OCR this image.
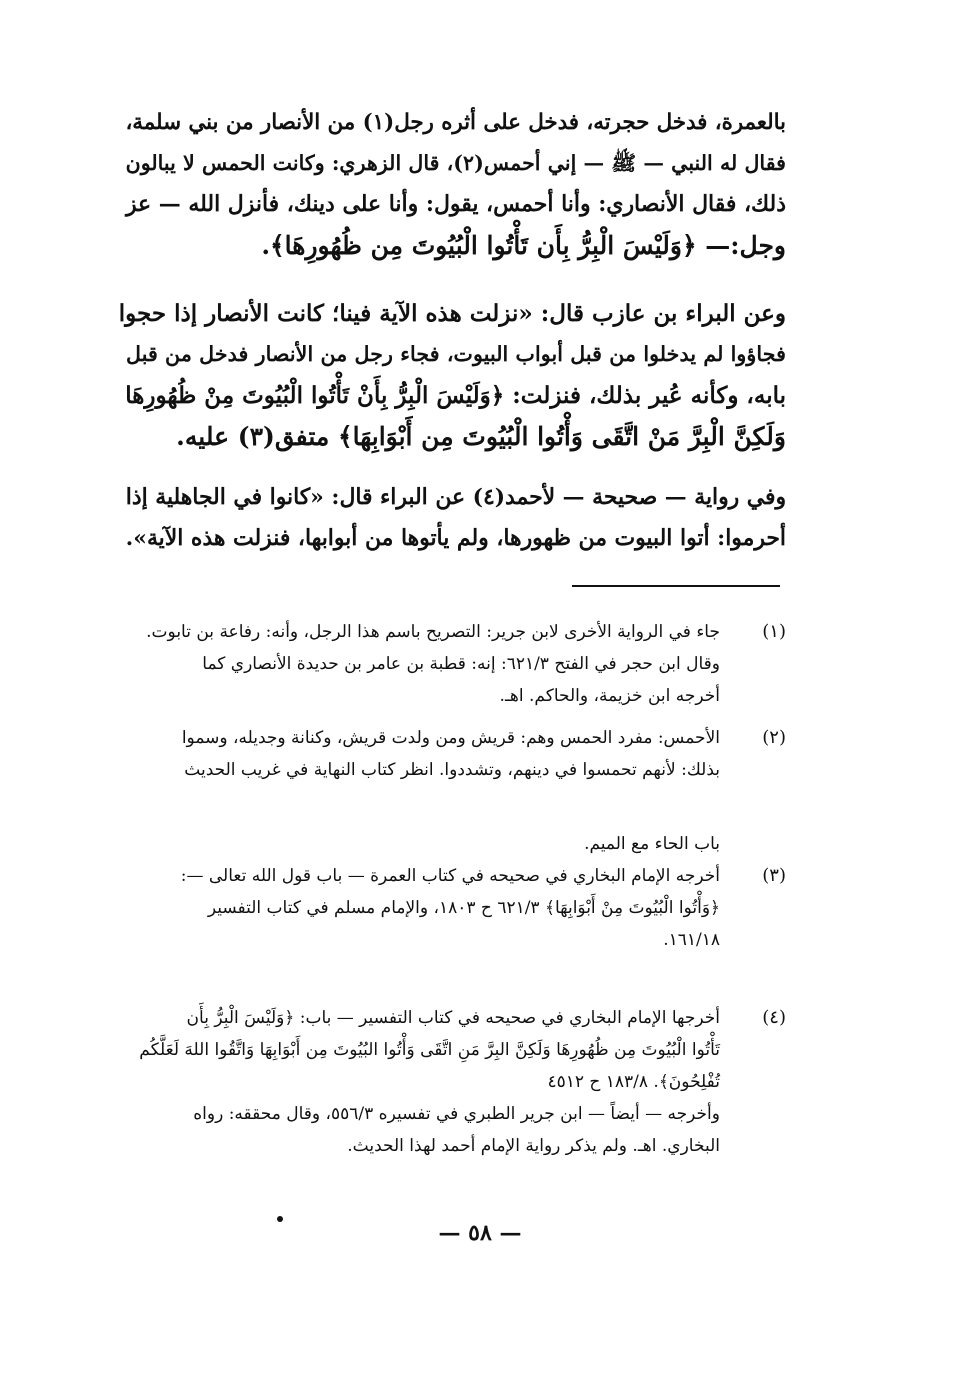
بالعمرة، فدخل حجرته، فدخل على أثره رجل(١) من الأنصار من بني سلمة،
فقال له النبي — ﷺ — إني أحمس(٢)، قال الزهري: وكانت الحمس لا يبالون
ذلك، فقال الأنصاري: وأنا أحمس، يقول: وأنا على دينك، فأنزل الله — عز
وجل:— ﴿وَلَيْسَ الْبِرُّ بِأَن تَأْتُوا الْبُيُوتَ مِن ظُهُورِهَا﴾.
وعن البراء بن عازب قال: «نزلت هذه الآية فينا؛ كانت الأنصار إذا حجوا
فجاؤوا لم يدخلوا من قبل أبواب البيوت، فجاء رجل من الأنصار فدخل من قبل
بابه، وكأنه عُير بذلك، فنزلت: ﴿وَلَيْسَ الْبِرُّ بِأَنْ تَأْتُوا الْبُيُوتَ مِنْ ظُهُورِهَا
وَلَكِنَّ الْبِرَّ مَنْ اتَّقَى وَأْتُوا الْبُيُوتَ مِن أَبْوَابِهَا﴾ متفق(٣) عليه.
وفي رواية — صحيحة — لأحمد(٤) عن البراء قال: «كانوا في الجاهلية إذا
أحرموا: أتوا البيوت من ظهورها، ولم يأتوها من أبوابها، فنزلت هذه الآية».
(١)
جاء في الرواية الأخرى لابن جرير: التصريح باسم هذا الرجل، وأنه: رفاعة بن تابوت.
وقال ابن حجر في الفتح ٦٢١/٣: إنه: قطبة بن عامر بن حديدة الأنصاري كما
أخرجه ابن خزيمة، والحاكم. اهـ.
(٢)
الأحمس: مفرد الحمس وهم: قريش ومن ولدت قريش، وكنانة وجديله، وسموا
بذلك: لأنهم تحمسوا في دينهم، وتشددوا. انظر كتاب النهاية في غريب الحديث
باب الحاء مع الميم.
(٣)
أخرجه الإمام البخاري في صحيحه في كتاب العمرة — باب قول الله تعالى —:
﴿وَأْتُوا الْبُيُوتَ مِنْ أَبْوَابِهَا﴾ ٦٢١/٣ ح ١٨٠٣، والإمام مسلم في كتاب التفسير
١٦١/١٨.
(٤)
أخرجها الإمام البخاري في صحيحه في كتاب التفسير — باب: ﴿وَلَيْسَ الْبِرُّ بِأَن
تَأْتُوا الْبُيُوتَ مِن ظُهُورِهَا وَلَكِنَّ البِرَّ مَنِ اتَّقَى وَأْتُوا البُيُوتَ مِن أَبْوَابِهَا وَاتَّقُوا اللهَ لَعَلَّكُم
تُفْلِحُونَ﴾. ١٨٣/٨ ح ٤٥١٢
وأخرجه — أيضاً — ابن جرير الطبري في تفسيره ٥٥٦/٣، وقال محققه: رواه
البخاري. اهـ. ولم يذكر رواية الإمام أحمد لهذا الحديث.
— ٥٨ —
